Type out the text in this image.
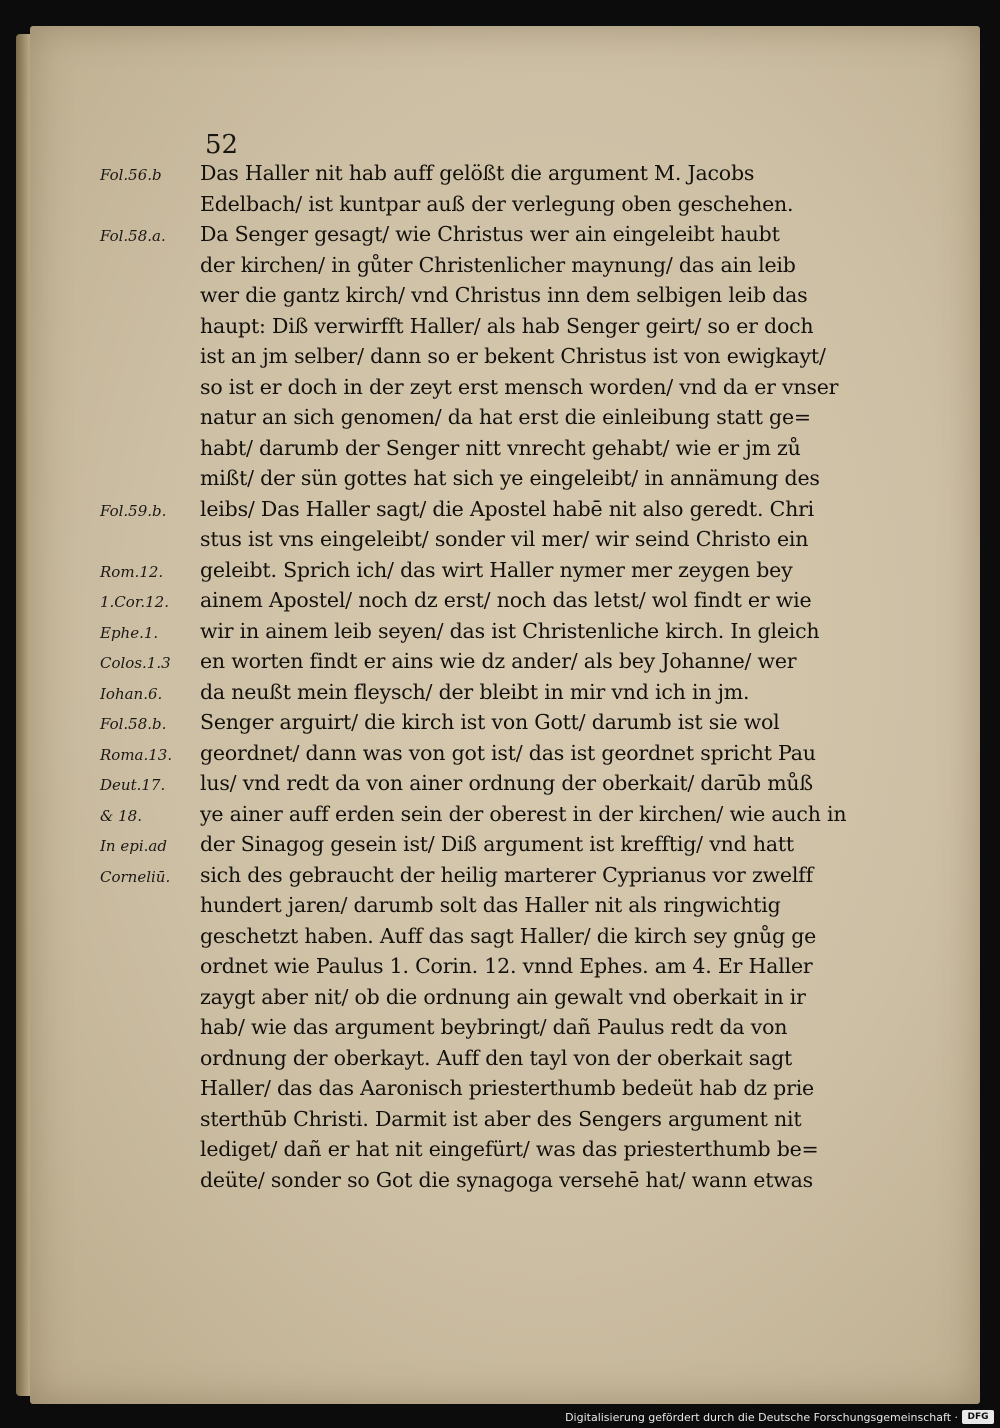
52

Fol.56.b
Fol.58.a.
Fol.59.b.
Rom.12.
1.Cor.12.
Ephe.1.
Colos.1.3
Iohan.6.
Fol.58.b.
Roma.13.
Deut.17.
& 18.
In epi.ad
Corneliū.
Das Haller nit hab auff gelößt die argument M. Jacobs
Edelbach/ ist kuntpar auß der verlegung oben geschehen.
Da Senger gesagt/ wie Christus wer ain eingeleibt haubt
der kirchen/ in gůter Christenlicher maynung/ das ain leib
wer die gantz kirch/ vnd Christus inn dem selbigen leib das
haupt: Diß verwirfft Haller/ als hab Senger geirt/ so er doch
ist an jm selber/ dann so er bekent Christus ist von ewigkayt/
so ist er doch in der zeyt erst mensch worden/ vnd da er vnser
natur an sich genomen/ da hat erst die einleibung statt ge=
habt/ darumb der Senger nitt vnrecht gehabt/ wie er jm zů
mißt/ der sün gottes hat sich ye eingeleibt/ in annämung des
leibs/ Das Haller sagt/ die Apostel habē nit also geredt. Chri
stus ist vns eingeleibt/ sonder vil mer/ wir seind Christo ein
geleibt. Sprich ich/ das wirt Haller nymer mer zeygen bey
ainem Apostel/ noch dz erst/ noch das letst/ wol findt er wie
wir in ainem leib seyen/ das ist Christenliche kirch. In gleich
en worten findt er ains wie dz ander/ als bey Johanne/ wer
da neußt mein fleysch/ der bleibt in mir vnd ich in jm.
Senger arguirt/ die kirch ist von Gott/ darumb ist sie wol
geordnet/ dann was von got ist/ das ist geordnet spricht Pau
lus/ vnd redt da von ainer ordnung der oberkait/ darūb můß
ye ainer auff erden sein der oberest in der kirchen/ wie auch in
der Sinagog gesein ist/ Diß argument ist krefftig/ vnd hatt
sich des gebraucht der heilig marterer Cyprianus vor zwelff
hundert jaren/ darumb solt das Haller nit als ringwichtig
geschetzt haben. Auff das sagt Haller/ die kirch sey gnůg ge
ordnet wie Paulus 1. Corin. 12. vnnd Ephes. am 4. Er Haller
zaygt aber nit/ ob die ordnung ain gewalt vnd oberkait in ir
hab/ wie das argument beybringt/ dañ Paulus redt da von
ordnung der oberkayt. Auff den tayl von der oberkait sagt
Haller/ das das Aaronisch priesterthumb bedeüt hab dz prie
sterthūb Christi. Darmit ist aber des Sengers argument nit
lediget/ dañ er hat nit eingefürt/ was das priesterthumb be=
deüte/ sonder so Got die synagoga versehē hat/ wann etwas

Digitalisierung gefördert durch die Deutsche Forschungsgemeinschaft ·	DFG
